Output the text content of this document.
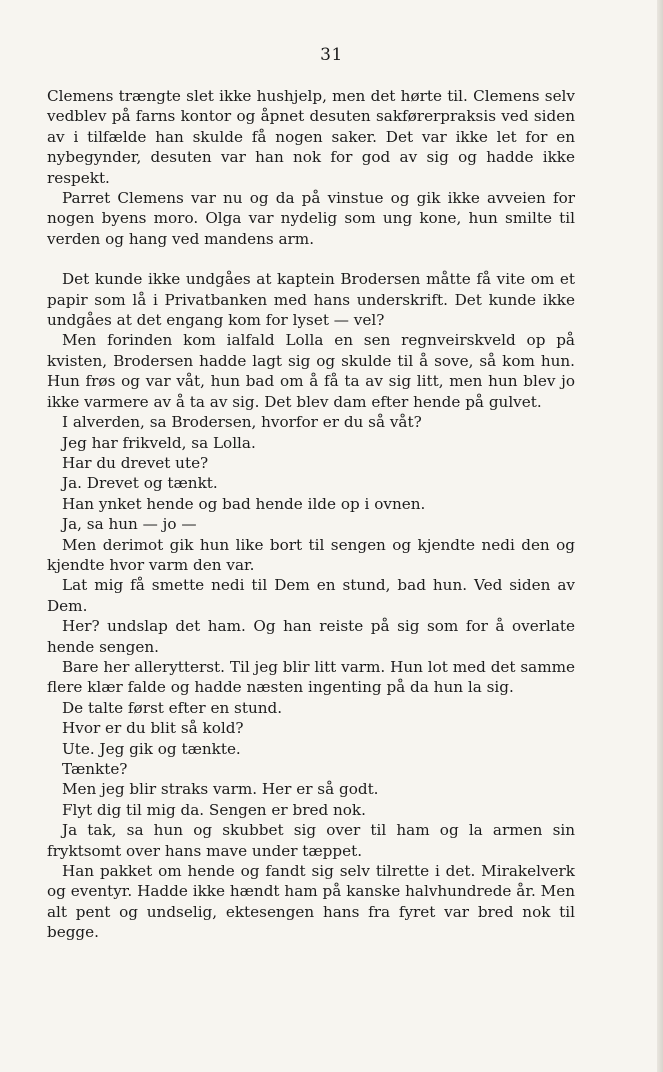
31

Clemens trængte slet ikke hushjelp, men det hørte til. Clemens selv vedblev på farns kontor og åpnet desuten sakførerpraksis ved siden av i tilfælde han skulde få nogen saker. Det var ikke let for en nybegynder, desuten var han nok for god av sig og hadde ikke respekt.

Parret Clemens var nu og da på vinstue og gik ikke avveien for nogen byens moro. Olga var nydelig som ung kone, hun smilte til verden og hang ved mandens arm.

Det kunde ikke undgåes at kaptein Brodersen måtte få vite om et papir som lå i Privatbanken med hans underskrift. Det kunde ikke undgåes at det engang kom for lyset — vel?

Men forinden kom ialfald Lolla en sen regnveirskveld op på kvisten, Brodersen hadde lagt sig og skulde til å sove, så kom hun. Hun frøs og var våt, hun bad om å få ta av sig litt, men hun blev jo ikke varmere av å ta av sig. Det blev dam efter hende på gulvet.

I alverden, sa Brodersen, hvorfor er du så våt?

Jeg har frikveld, sa Lolla.

Har du drevet ute?

Ja. Drevet og tænkt.

Han ynket hende og bad hende ilde op i ovnen.

Ja, sa hun — jo —

Men derimot gik hun like bort til sengen og kjendte nedi den og kjendte hvor varm den var.

Lat mig få smette nedi til Dem en stund, bad hun. Ved siden av Dem.

Her? undslap det ham. Og han reiste på sig som for å overlate hende sengen.

Bare her allerytterst. Til jeg blir litt varm. Hun lot med det samme flere klær falde og hadde næsten ingenting på da hun la sig.

De talte først efter en stund.

Hvor er du blit så kold?

Ute. Jeg gik og tænkte.

Tænkte?

Men jeg blir straks varm. Her er så godt.

Flyt dig til mig da. Sengen er bred nok.

Ja tak, sa hun og skubbet sig over til ham og la armen sin fryktsomt over hans mave under tæppet.

Han pakket om hende og fandt sig selv tilrette i det. Mirakelverk og eventyr. Hadde ikke hændt ham på kanske halvhundrede år. Men alt pent og undselig, ektesengen hans fra fyret var bred nok til begge.
